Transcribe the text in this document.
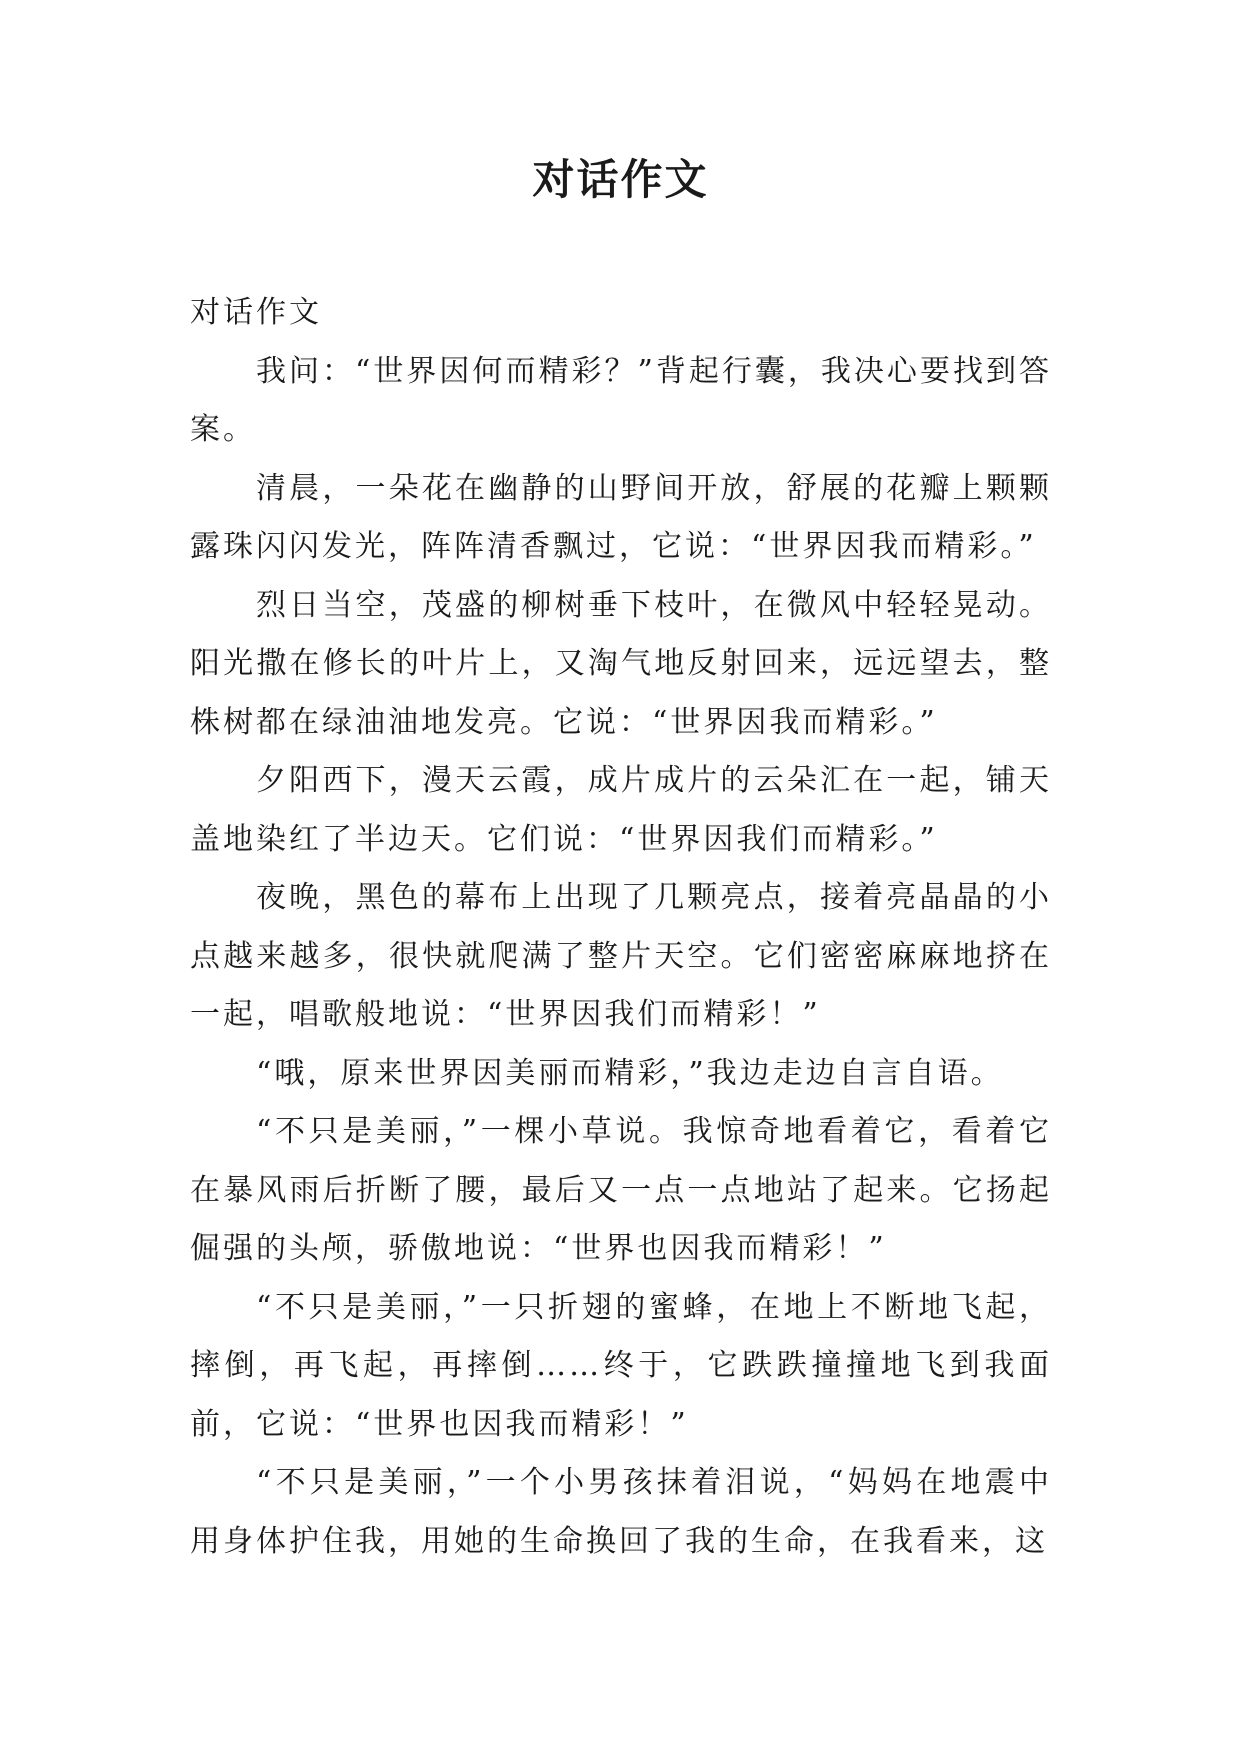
对话作文

对话作文

我问：“世界因何而精彩？”背起行囊，我决心要找到答案。

清晨，一朵花在幽静的山野间开放，舒展的花瓣上颗颗露珠闪闪发光，阵阵清香飘过，它说：“世界因我而精彩。”

烈日当空，茂盛的柳树垂下枝叶，在微风中轻轻晃动。阳光撒在修长的叶片上，又淘气地反射回来，远远望去，整株树都在绿油油地发亮。它说：“世界因我而精彩。”

夕阳西下，漫天云霞，成片成片的云朵汇在一起，铺天盖地染红了半边天。它们说：“世界因我们而精彩。”

夜晚，黑色的幕布上出现了几颗亮点，接着亮晶晶的小点越来越多，很快就爬满了整片天空。它们密密麻麻地挤在一起，唱歌般地说：“世界因我们而精彩！”

“哦，原来世界因美丽而精彩，”我边走边自言自语。

“不只是美丽，”一棵小草说。我惊奇地看着它，看着它在暴风雨后折断了腰，最后又一点一点地站了起来。它扬起倔强的头颅，骄傲地说：“世界也因我而精彩！”

“不只是美丽，”一只折翅的蜜蜂，在地上不断地飞起，摔倒，再飞起，再摔倒……终于，它跌跌撞撞地飞到我面前，它说：“世界也因我而精彩！”

“不只是美丽，”一个小男孩抹着泪说，“妈妈在地震中用身体护住我，用她的生命换回了我的生命，在我看来，这
